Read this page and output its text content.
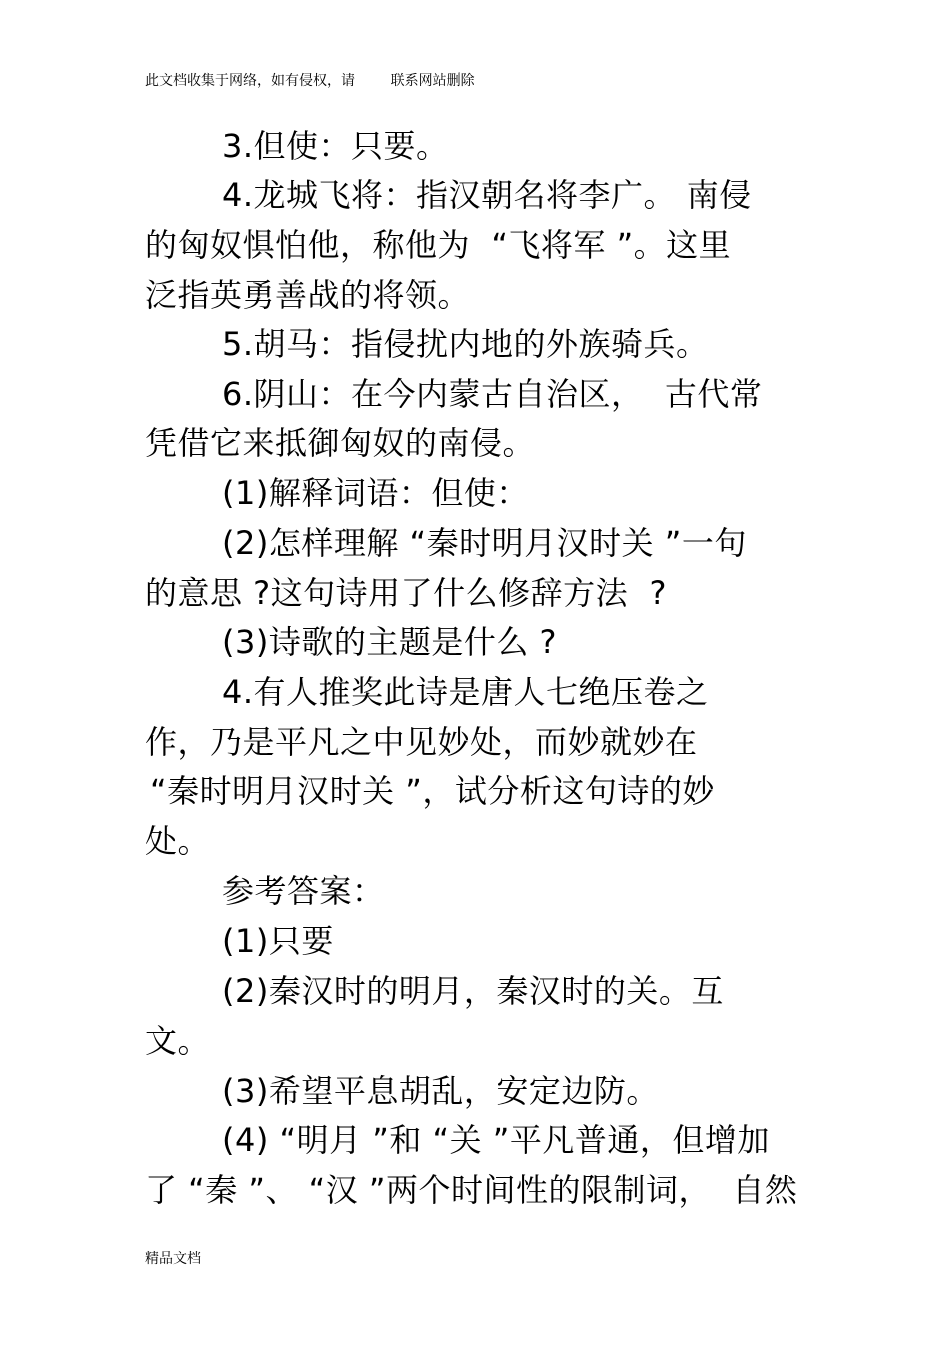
此文档收集于网络，如有侵权，请        联系网站删除
3.但使：只要。
4.龙城飞将：指汉朝名将李广。 南侵
的匈奴惧怕他，称他为  “飞将军 ”。这里
泛指英勇善战的将领。
5.胡马：指侵扰内地的外族骑兵。
6.阴山：在今内蒙古自治区，  古代常
凭借它来抵御匈奴的南侵。
(1)解释词语：但使：
(2)怎样理解 “秦时明月汉时关 ”一句
的意思 ?这句诗用了什么修辞方法  ?
(3)诗歌的主题是什么 ?
4.有人推奖此诗是唐人七绝压卷之
作，乃是平凡之中见妙处，而妙就妙在
“秦时明月汉时关 ”，试分析这句诗的妙
处。
参考答案：
(1)只要
(2)秦汉时的明月，秦汉时的关。互
文。
(3)希望平息胡乱，安定边防。
(4) “明月 ”和 “关 ”平凡普通，但增加
了 “秦 ”、 “汉 ”两个时间性的限制词，  自然
精品文档
